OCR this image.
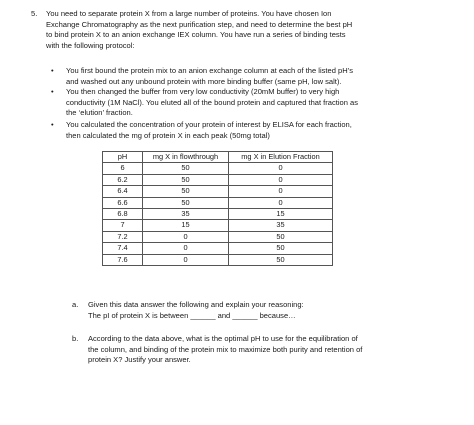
5. You need to separate protein X from a large number of proteins. You have chosen Ion
Exchange Chromatography as the next purification step, and need to determine the best pH
to bind protein X to an anion exchange IEX column. You have run a series of binding tests
with the following protocol:
• You first bound the protein mix to an anion exchange column at each of the listed pH’s
and washed out any unbound protein with more binding buffer (same pH, low salt).
• You then changed the buffer from very low conductivity (20mM buffer) to very high
conductivity (1M NaCl). You eluted all of the bound protein and captured that fraction as
the ‘elution’ fraction.
• You calculated the concentration of your protein of interest by ELISA for each fraction,
then calculated the mg of protein X in each peak (50mg total)
pH	mg X in flowthrough	mg X in Elution Fraction
6	50	0
6.2	50	0
6.4	50	0
6.6	50	0
6.8	35	15
7	15	35
7.2	0	50
7.4	0	50
7.6	0	50
a. Given this data answer the following and explain your reasoning:
The pI of protein X is between ______ and ______ because…
b. According to the data above, what is the optimal pH to use for the equilibration of
the column, and binding of the protein mix to maximize both purity and retention of
protein X? Justify your answer.
